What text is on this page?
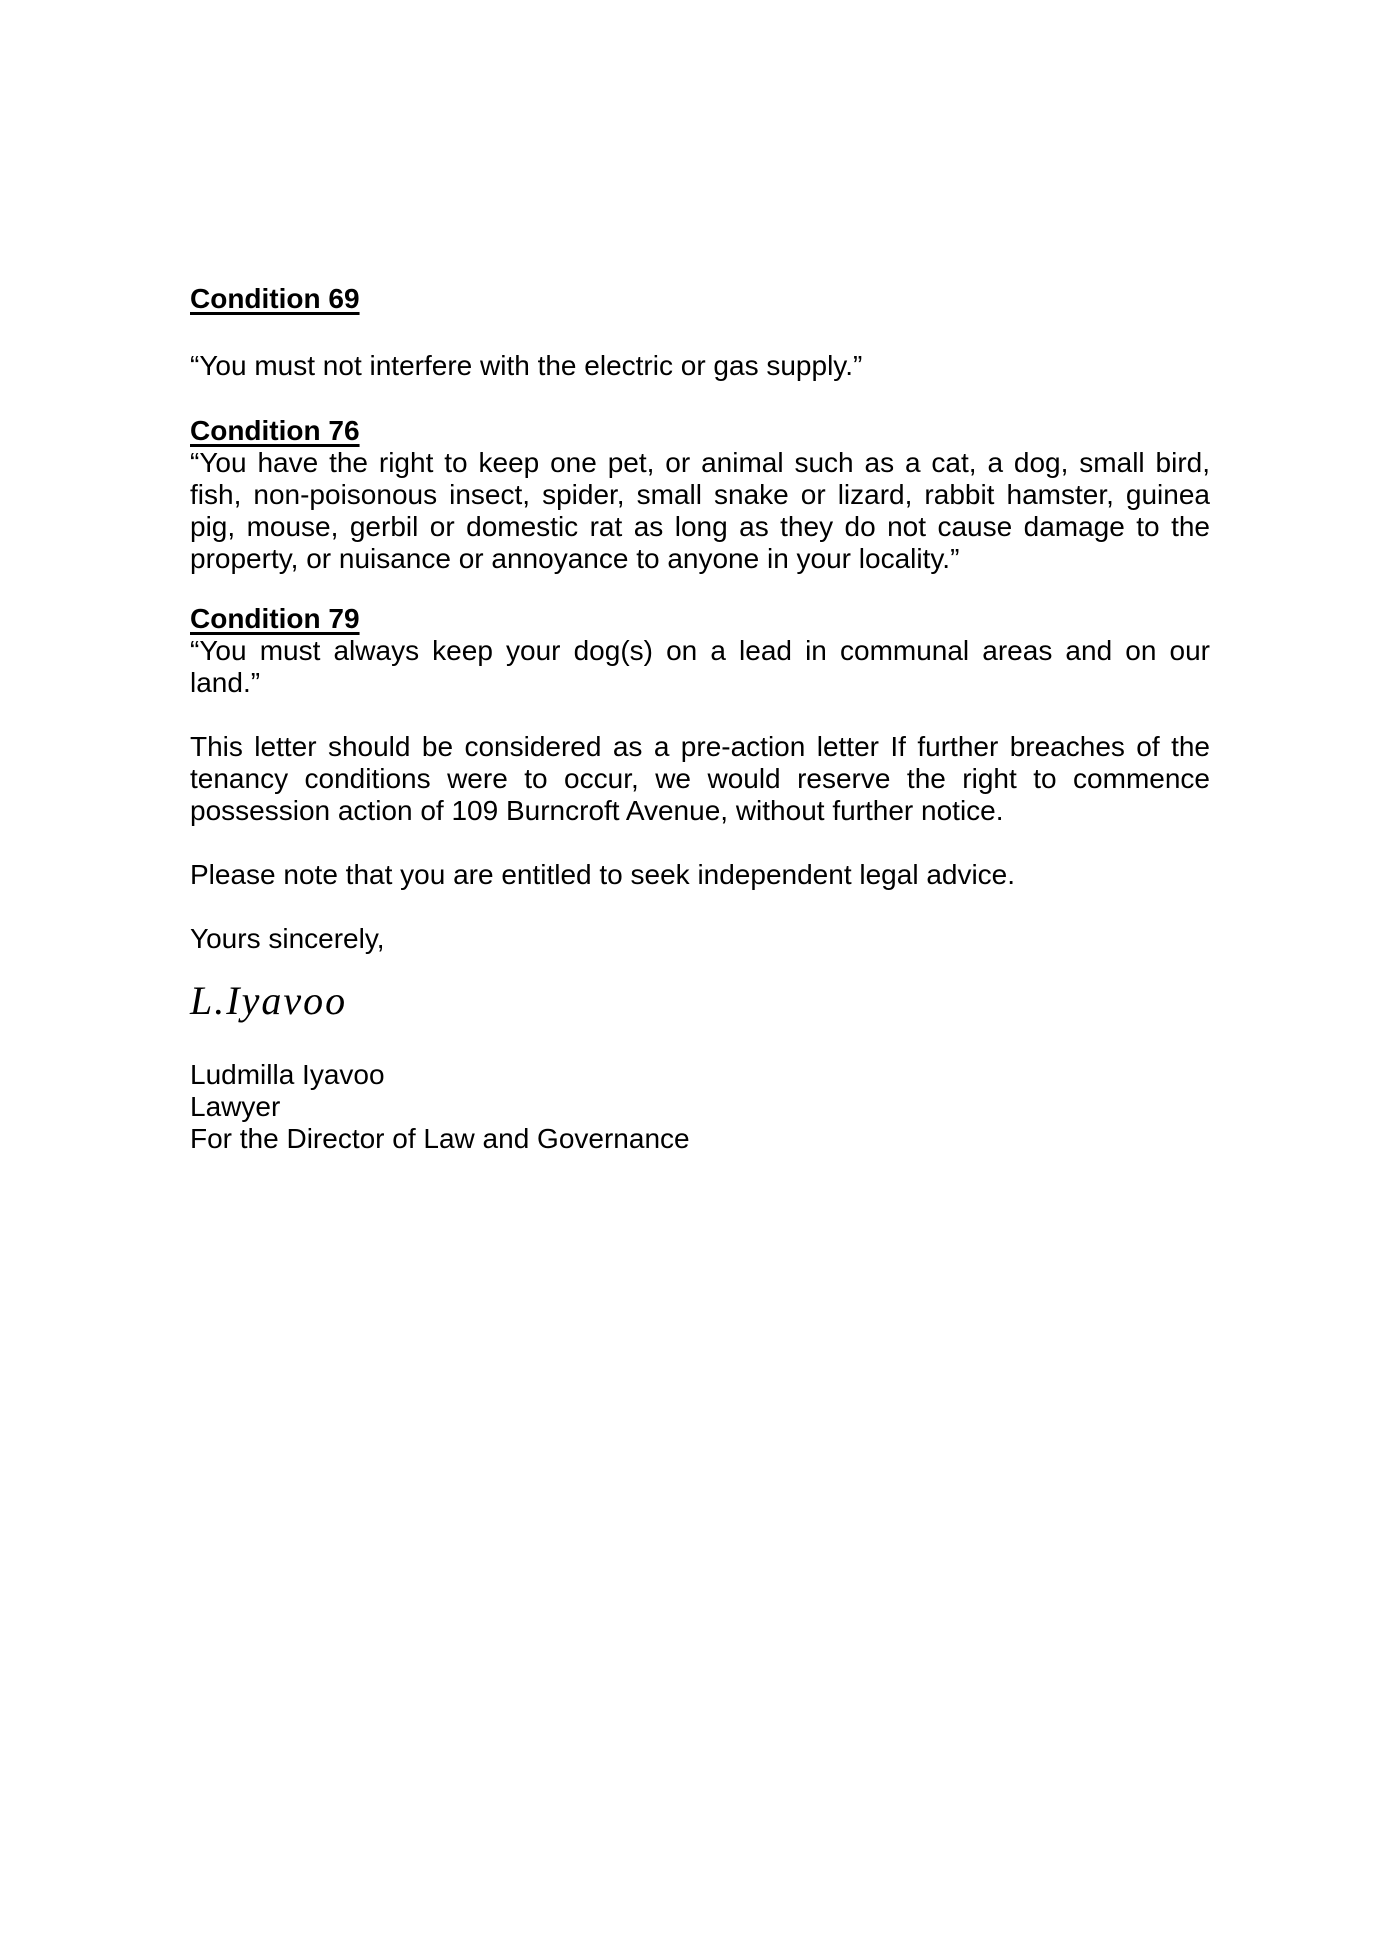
Condition 69
“You must not interfere with the electric or gas supply.”
Condition 76
“You have the right to keep one pet, or animal such as a cat, a dog, small bird,
fish, non-poisonous insect, spider, small snake or lizard, rabbit hamster, guinea
pig, mouse, gerbil or domestic rat as long as they do not cause damage to the
property, or nuisance or annoyance to anyone in your locality.”
Condition 79
“You must always keep your dog(s) on a lead in communal areas and on our
land.”
This letter should be considered as a pre-action letter If further breaches of the
tenancy conditions were to occur, we would reserve the right to commence
possession action of 109 Burncroft Avenue, without further notice.
Please note that you are entitled to seek independent legal advice.
Yours sincerely,
L.Iyavoo
Ludmilla Iyavoo
Lawyer
For the Director of Law and Governance
